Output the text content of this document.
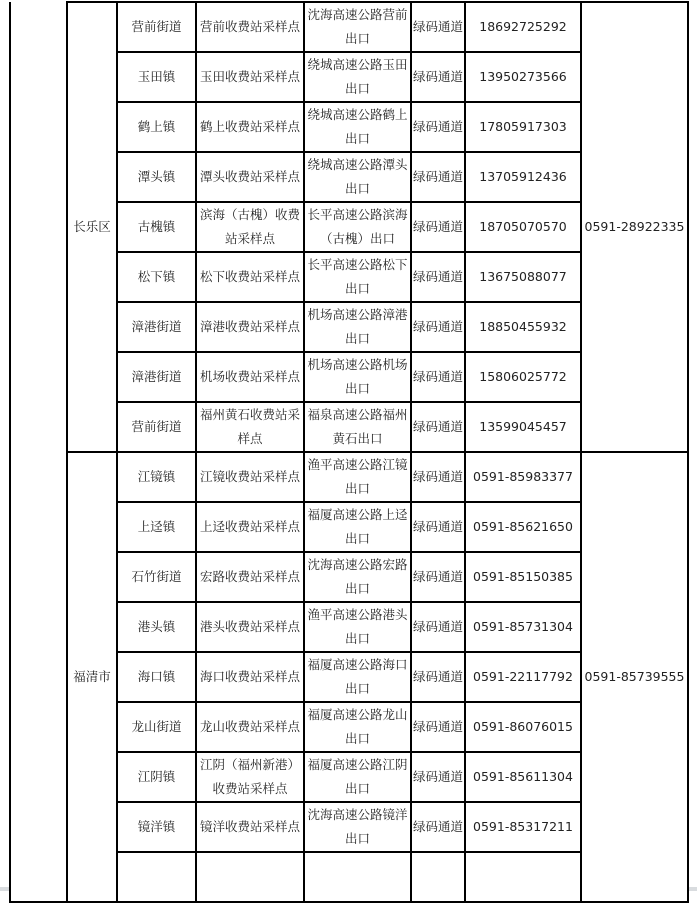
	长乐区	营前街道	营前收费站采样点	沈海高速公路营前出口	绿码通道	18692725292	0591-28922335
		玉田镇	玉田收费站采样点	绕城高速公路玉田出口	绿码通道	13950273566	
		鹤上镇	鹤上收费站采样点	绕城高速公路鹤上出口	绿码通道	17805917303	
		潭头镇	潭头收费站采样点	绕城高速公路潭头出口	绿码通道	13705912436	
		古槐镇	滨海（古槐）收费站采样点	长平高速公路滨海（古槐）出口	绿码通道	18705070570	
		松下镇	松下收费站采样点	长平高速公路松下出口	绿码通道	13675088077	
		漳港街道	漳港收费站采样点	机场高速公路漳港出口	绿码通道	18850455932	
		漳港街道	机场收费站采样点	机场高速公路机场出口	绿码通道	15806025772	
		营前街道	福州黄石收费站采样点	福泉高速公路福州黄石出口	绿码通道	13599045457	
	福清市	江镜镇	江镜收费站采样点	渔平高速公路江镜出口	绿码通道	0591-85983377	0591-85739555
		上迳镇	上迳收费站采样点	福厦高速公路上迳出口	绿码通道	0591-85621650	
		石竹街道	宏路收费站采样点	沈海高速公路宏路出口	绿码通道	0591-85150385	
		港头镇	港头收费站采样点	渔平高速公路港头出口	绿码通道	0591-85731304	
		海口镇	海口收费站采样点	福厦高速公路海口出口	绿码通道	0591-22117792	
		龙山街道	龙山收费站采样点	福厦高速公路龙山出口	绿码通道	0591-86076015	
		江阴镇	江阴（福州新港）收费站采样点	福厦高速公路江阴出口	绿码通道	0591-85611304	
		镜洋镇	镜洋收费站采样点	沈海高速公路镜洋出口	绿码通道	0591-85317211	
